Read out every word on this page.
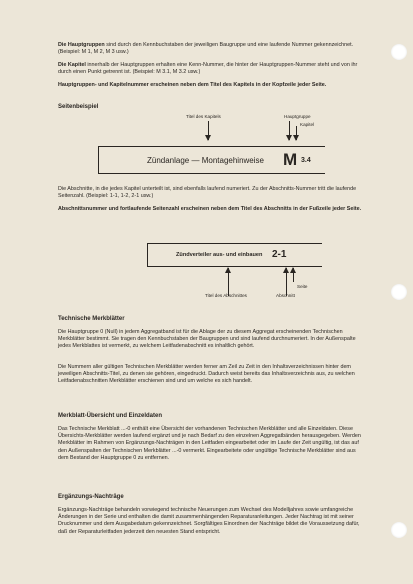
Die Hauptgruppen sind durch den Kennbuchstaben der jeweiligen Baugruppe und eine laufende Nummer gekennzeichnet. (Beispiel: M 1, M 2, M 3 usw.)

Die Kapitel innerhalb der Hauptgruppen erhalten eine Kenn-Nummer, die hinter der Hauptgruppen-Nummer steht und von ihr durch einen Punkt getrennt ist. (Beispiel: M 3.1, M 3.2 usw.)

Hauptgruppen- und Kapitelnummer erscheinen neben dem Titel des Kapitels in der Kopfzeile jeder Seite.

Seitenbeispiel

Titel des Kapitels	Hauptgruppe
Kapitel
Zündanlage — Montagehinweise M 3.4

Die Abschnitte, in die jedes Kapitel unterteilt ist, sind ebenfalls laufend numeriert. Zu der Abschnitts-Nummer tritt die laufende Seitenzahl. (Beispiel: 1-1, 1-2, 2-1 usw.)

Abschnittsnummer und fortlaufende Seitenzahl erscheinen neben dem Titel des Abschnitts in der Fußzeile jeder Seite.

Zündverteiler aus- und einbauen 2-1
Seite
Titel des Abschnittes	Abschnitt

Technische Merkblätter

Die Hauptgruppe 0 (Null) in jedem Aggregatband ist für die Ablage der zu diesem Aggregat erscheinenden Technischen Merkblätter bestimmt. Sie tragen den Kennbuchstaben der Baugruppen und sind laufend durchnumeriert. In der Außenspalte jedes Merkblattes ist vermerkt, zu welchem Leitfadenabschnitt es inhaltlich gehört.

Die Nummern aller gültigen Technischen Merkblätter werden ferner am Zeil zu Zeit in den Inhaltsverzeichnissen hinter dem jeweiligen Abschnitts-Titel, zu denen sie gehören, eingedruckt. Dadurch weist bereits das Inhaltsverzeichnis aus, zu welchen Leitfadenabschnitten Merkblätter erschienen sind und um welche es sich handelt.

Merkblatt-Übersicht und Einzeldaten

Das Technische Merkblatt ...-0 enthält eine Übersicht der vorhandenen Technischen Merkblätter und alle Einzeldaten. Diese Übersichts-Merkblätter werden laufend ergänzt und je nach Bedarf zu den einzelnen Aggregatbänden herausgegeben. Werden Merkblätter im Rahmen von Ergänzungs-Nachträgen in den Leitfaden eingearbeitet oder im Laufe der Zeit ungültig, ist das auf den Außenspalten der Technischen Merkblätter ...-0 vermerkt. Eingearbeitete oder ungültige Technische Merkblätter sind aus dem Bestand der Hauptgruppe 0 zu entfernen.

Ergänzungs-Nachträge

Ergänzungs-Nachträge behandeln vorwiegend technische Neuerungen zum Wechsel des Modelljahres sowie umfangreiche Änderungen in der Serie und enthalten die damit zusammenhängenden Reparaturanleitungen. Jeder Nachtrag ist mit seiner Drucknummer und dem Ausgabedatum gekennzeichnet. Sorgfältiges Einordnen der Nachträge bildet die Voraussetzung dafür, daß der Reparaturleitfaden jederzeit den neuesten Stand entspricht.
